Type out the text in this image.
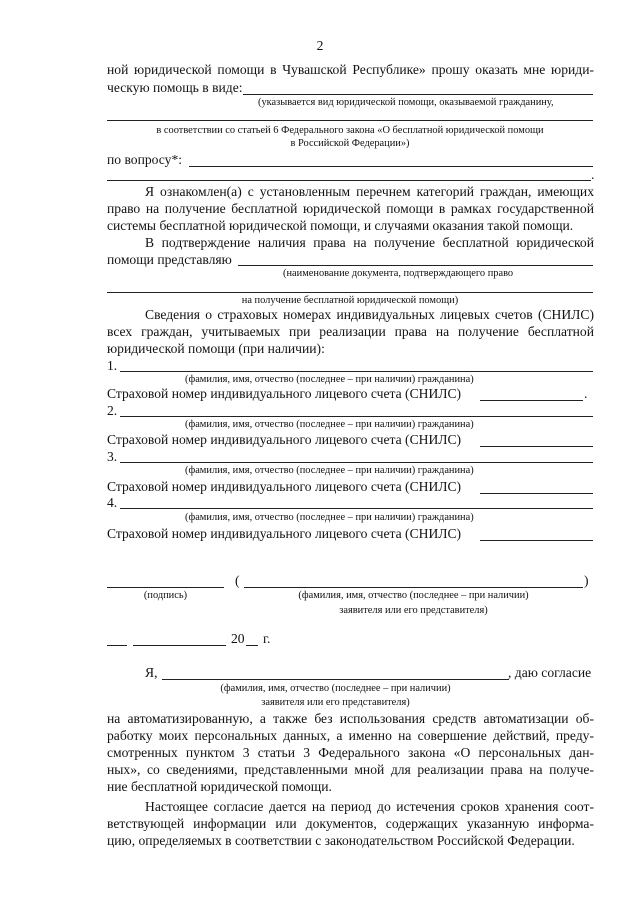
2
ной юридической помощи в Чувашской Республике» прошу оказать мне юриди-
ческую помощь в виде:
(указывается вид юридической помощи, оказываемой гражданину,
в соответствии со статьей 6 Федерального закона «О бесплатной юридической помощи
в Российской Федерации»)
по вопросу*:
.
Я ознакомлен(а) с установленным перечнем категорий граждан, имеющих
право на получение бесплатной юридической помощи в рамках государственной
системы бесплатной юридической помощи, и случаями оказания такой помощи.
В подтверждение наличия права на получение бесплатной юридической
помощи представляю
(наименование документа, подтверждающего право
на получение бесплатной юридической помощи)
Сведения о страховых номерах индивидуальных лицевых счетов (СНИЛС)
всех граждан, учитываемых при реализации права на получение бесплатной
юридической помощи (при наличии):
1.
(фамилия, имя, отчество (последнее – при наличии) гражданина)
Страховой номер индивидуального лицевого счета (СНИЛС)	.
2.
(фамилия, имя, отчество (последнее – при наличии) гражданина)
Страховой номер индивидуального лицевого счета (СНИЛС)
3.
(фамилия, имя, отчество (последнее – при наличии) гражданина)
Страховой номер индивидуального лицевого счета (СНИЛС)
4.
(фамилия, имя, отчество (последнее – при наличии) гражданина)
Страховой номер индивидуального лицевого счета (СНИЛС)
(	)
(подпись)	(фамилия, имя, отчество (последнее – при наличии)
заявителя или его представителя)
20 г.
Я,	, даю согласие
(фамилия, имя, отчество (последнее – при наличии)
заявителя или его представителя)
на автоматизированную, а также без использования средств автоматизации об-
работку моих персональных данных, а именно на совершение действий, преду-
смотренных пунктом 3 статьи 3 Федерального закона «О персональных дан-
ных», со сведениями, представленными мной для реализации права на получе-
ние бесплатной юридической помощи.
Настоящее согласие дается на период до истечения сроков хранения соот-
ветствующей информации или документов, содержащих указанную информа-
цию, определяемых в соответствии с законодательством Российской Федерации.
